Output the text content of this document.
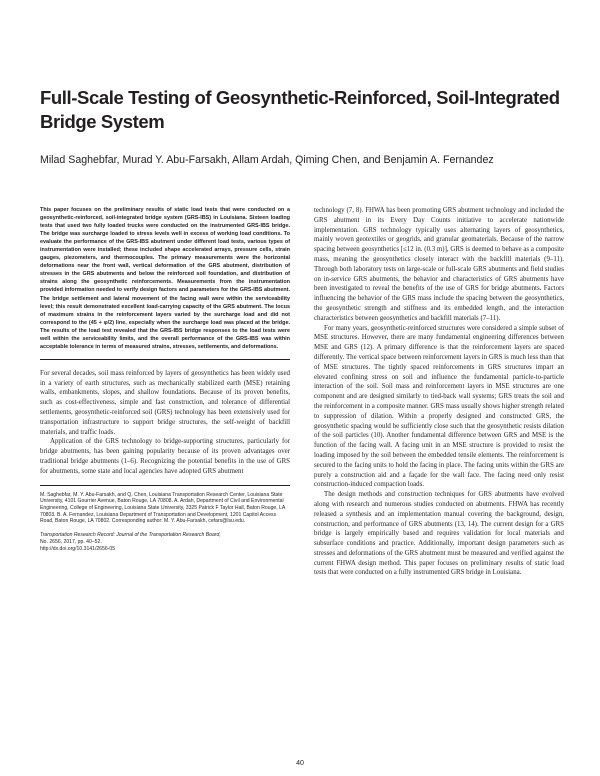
Full-Scale Testing of Geosynthetic-Reinforced, Soil-Integrated Bridge System

Milad Saghebfar, Murad Y. Abu-Farsakh, Allam Ardah, Qiming Chen, and Benjamin A. Fernandez

This paper focuses on the preliminary results of static load tests that were conducted on a geosynthetic-reinforced, soil-integrated bridge system (GRS-IBS) in Louisiana. Sixteen loading tests that used two fully loaded trucks were conducted on the instrumented GRS-IBS bridge. The bridge was surcharge loaded to stress levels well in excess of working load conditions. To evaluate the performance of the GRS-IBS abutment under different load tests, various types of instrumentation were installed; these included shape accelerated arrays, pressure cells, strain gauges, piezometers, and thermocouples. The primary measurements were the horizontal deformations near the front wall, vertical deformation of the GRS abutment, distribution of stresses in the GRS abutments and below the reinforced soil foundation, and distribution of strains along the geosynthetic reinforcements. Measurements from the instrumentation provided information needed to verify design factors and parameters for the GRS-IBS abutment. The bridge settlement and lateral movement of the facing wall were within the serviceability level; this result demonstrated excellent load-carrying capacity of the GRS abutment. The locus of maximum strains in the reinforcement layers varied by the surcharge load and did not correspond to the (45 + φ/2) line, especially when the surcharge load was placed at the bridge. The results of the load test revealed that the GRS-IBS bridge responses to the load tests were well within the serviceability limits, and the overall performance of the GRS-IBS was within acceptable tolerance in terms of measured strains, stresses, settlements, and deformations.

For several decades, soil mass reinforced by layers of geosynthetics has been widely used in a variety of earth structures, such as mechanically stabilized earth (MSE) retaining walls, embankments, slopes, and shallow foundations. Because of its proven benefits, such as cost-effectiveness, simple and fast construction, and tolerance of differential settlements, geosynthetic-reinforced soil (GRS) technology has been extensively used for transportation infrastructure to support bridge structures, the self-weight of backfill materials, and traffic loads.

Application of the GRS technology to bridge-supporting structures, particularly for bridge abutments, has been gaining popularity because of its proven advantages over traditional bridge abutments (1–6). Recognizing the potential benefits in the use of GRS for abutments, some state and local agencies have adopted GRS abutment

M. Saghebfar, M. Y. Abu-Farsakh, and Q. Chen, Louisiana Transportation Research Center, Louisiana State University, 4101 Gourrier Avenue, Baton Rouge, LA 70808. A. Ardah, Department of Civil and Environmental Engineering, College of Engineering, Louisiana State University, 3325 Patrick F Taylor Hall, Baton Rouge, LA 70803. B. A. Fernandez, Louisiana Department of Transportation and Development, 1201 Capitol Access Road, Baton Rouge, LA 70802. Corresponding author: M. Y. Abu-Farsakh, cefars@lsu.edu.

Transportation Research Record: Journal of the Transportation Research Board,
No. 2656, 2017, pp. 40–52.
http://dx.doi.org/10.3141/2656-05

technology (7, 8). FHWA has been promoting GRS abutment technology and included the GRS abutment in its Every Day Counts initiative to accelerate nationwide implementation. GRS technology typically uses alternating layers of geosynthetics, mainly woven geotextiles or geogrids, and granular geomaterials. Because of the narrow spacing between geosynthetics [≤12 in. (0.3 m)], GRS is deemed to behave as a composite mass, meaning the geosynthetics closely interact with the backfill materials (9–11). Through both laboratory tests on large-scale or full-scale GRS abutments and field studies on in-service GRS abutments, the behavior and characteristics of GRS abutments have been investigated to reveal the benefits of the use of GRS for bridge abutments. Factors influencing the behavior of the GRS mass include the spacing between the geosynthetics, the geosynthetic strength and stiffness and its embedded length, and the interaction characteristics between geosynthetics and backfill materials (7–11).

For many years, geosynthetic-reinforced structures were considered a simple subset of MSE structures. However, there are many fundamental engineering differences between MSE and GRS (12). A primary difference is that the reinforcement layers are spaced differently. The vertical space between reinforcement layers in GRS is much less than that of MSE structures. The tightly spaced reinforcements in GRS structures impart an elevated confining stress on soil and influence the fundamental particle-to-particle interaction of the soil. Soil mass and reinforcement layers in MSE structures are one component and are designed similarly to tied-back wall systems; GRS treats the soil and the reinforcement in a composite manner. GRS mass usually shows higher strength related to suppression of dilation. Within a properly designed and constructed GRS, the geosynthetic spacing would be sufficiently close such that the geosynthetic resists dilation of the soil particles (10). Another fundamental difference between GRS and MSE is the function of the facing wall. A facing unit in an MSE structure is provided to resist the loading imposed by the soil between the embedded tensile elements. The reinforcement is secured to the facing units to hold the facing in place. The facing units within the GRS are purely a construction aid and a façade for the wall face. The facing need only resist construction-induced compaction loads.

The design methods and construction techniques for GRS abutments have evolved along with research and numerous studies conducted on abutments. FHWA has recently released a synthesis and an implementation manual covering the background, design, construction, and performance of GRS abutments (13, 14). The current design for a GRS bridge is largely empirically based and requires validation for local materials and subsurface conditions and practice. Additionally, important design parameters such as stresses and deformations of the GRS abutment must be measured and verified against the current FHWA design method. This paper focuses on preliminary results of static load tests that were conducted on a fully instrumented GRS bridge in Louisiana.

40
